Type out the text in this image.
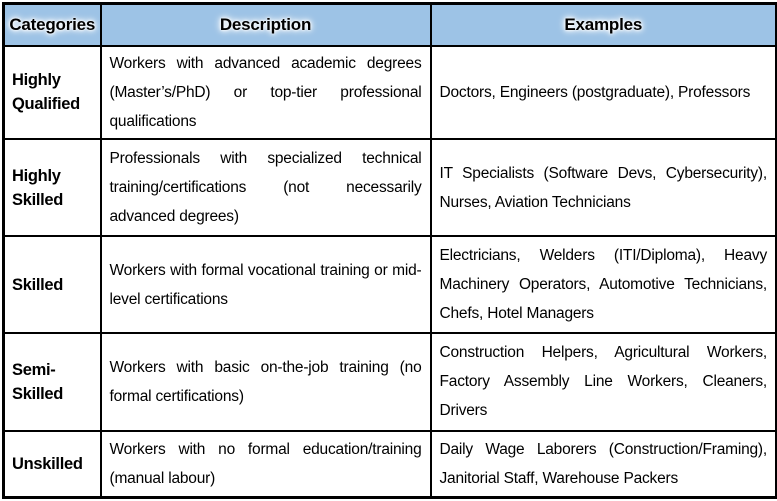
Categories	Description	Examples
Highly Qualified	Workers with advanced academic degrees (Master’s/PhD) or top-tier professional qualifications	Doctors, Engineers (postgraduate), Professors
Highly Skilled	Professionals with specialized technical training/certifications (not necessarily advanced degrees)	IT Specialists (Software Devs, Cybersecurity), Nurses, Aviation Technicians
Skilled	Workers with formal vocational training or mid-level certifications	Electricians, Welders (ITI/Diploma), Heavy Machinery Operators, Automotive Technicians, Chefs, Hotel Managers
Semi-Skilled	Workers with basic on-the-job training (no formal certifications)	Construction Helpers, Agricultural Workers, Factory Assembly Line Workers, Cleaners, Drivers
Unskilled	Workers with no formal education/training (manual labour)	Daily Wage Laborers (Construction/Framing), Janitorial Staff, Warehouse Packers
